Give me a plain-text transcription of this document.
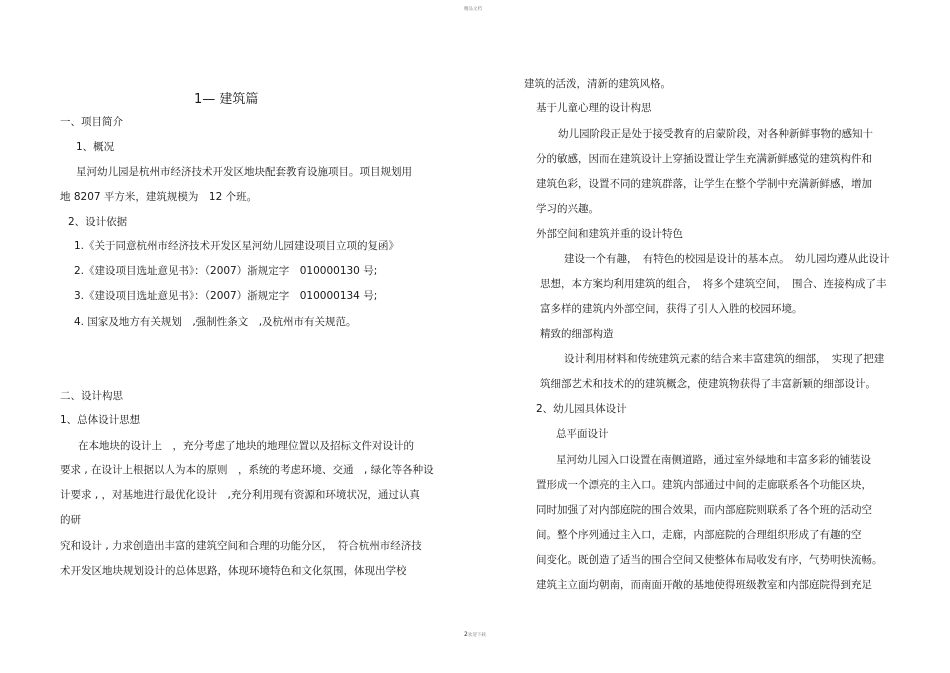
精品文档
1— 建筑篇
一、项目简介
1、概况
星河幼儿园是杭州市经济技术开发区地块配套教育设施项目。项目规划用
地 8207 平方米，建筑规模为　12 个班。
2、设计依据
1.《关于同意杭州市经济技术开发区星河幼儿园建设项目立项的复函》
2.《建设项目选址意见书》：（2007）浙规定字　010000130 号;
3.《建设项目选址意见书》：（2007）浙规定字　010000134 号;
4. 国家及地方有关规划　,强制性条文　,及杭州市有关规范。
二、设计构思
1、总体设计思想
在本地块的设计上　，充分考虑了地块的地理位置以及招标文件对设计的
要求 , 在设计上根据以人为本的原则　，系统的考虑环境、交通　, 绿化等各种设
计要求 , ，对基地进行最优化设计　,充分利用现有资源和环境状况，通过认真
的研
究和设计 , 力求创造出丰富的建筑空间和合理的功能分区，　符合杭州市经济技
术开发区地块规划设计的总体思路，体现环境特色和文化氛围，体现出学校
建筑的活泼，清新的建筑风格。
基于儿童心理的设计构思
幼儿园阶段正是处于接受教育的启蒙阶段，对各种新鲜事物的感知十
分的敏感，因而在建筑设计上穿插设置让学生充满新鲜感觉的建筑构件和
建筑色彩，设置不同的建筑群落，让学生在整个学制中充满新鲜感，增加
学习的兴趣。
外部空间和建筑并重的设计特色
建设一个有趣，　有特色的校园是设计的基本点。　幼儿园均遵从此设计
思想，本方案均利用建筑的组合，　将多个建筑空间，　围合、连接构成了丰
富多样的建筑内外部空间，获得了引人入胜的校园环境。
精致的细部构造
设计利用材料和传统建筑元素的结合来丰富建筑的细部，　实现了把建
筑细部艺术和技术的的建筑概念，使建筑物获得了丰富新颖的细部设计。
2、幼儿园具体设计
总平面设计
星河幼儿园入口设置在南侧道路，通过室外绿地和丰富多彩的铺装设
置形成一个漂亮的主入口。建筑内部通过中间的走廊联系各个功能区块，
同时加强了对内部庭院的围合效果，而内部庭院则联系了各个班的活动空
间。整个序列通过主入口，走廊，内部庭院的合理组织形成了有趣的空
间变化。既创造了适当的围合空间又使整体布局收发有序，气势明快流畅。
建筑主立面均朝南，而南面开敞的基地使得班级教室和内部庭院得到充足
2欢迎下载
